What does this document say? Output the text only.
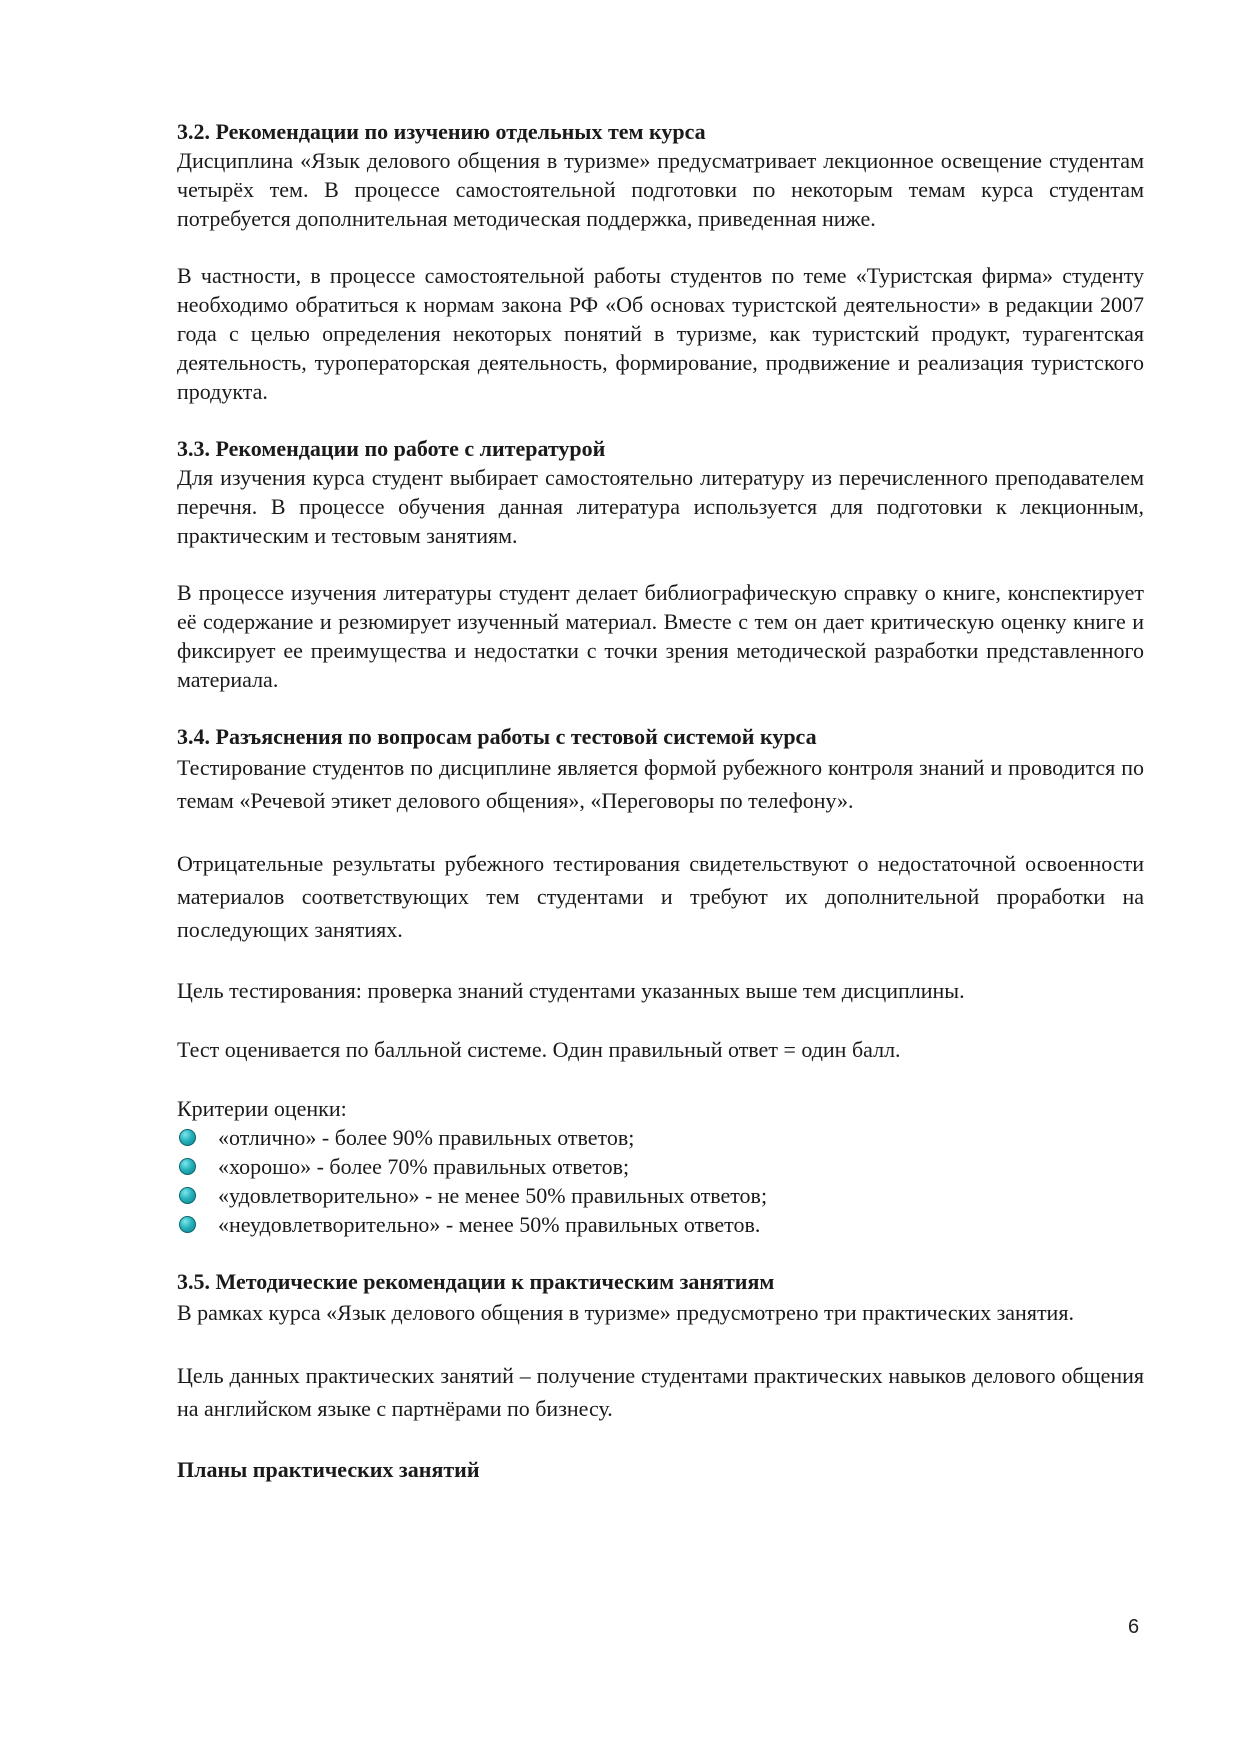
3.2. Рекомендации по изучению отдельных тем курса

Дисциплина «Язык делового общения в туризме» предусматривает лекционное освещение студентам четырёх тем. В процессе самостоятельной подготовки по некоторым темам курса студентам потребуется дополнительная методическая поддержка, приведенная ниже.

В частности, в процессе самостоятельной работы студентов по теме «Туристская фирма» студенту необходимо обратиться к нормам закона РФ «Об основах туристской деятельности» в редакции 2007 года с целью определения некоторых понятий в туризме, как туристский продукт, турагентская деятельность, туроператорская деятельность, формирование, продвижение и реализация туристского продукта.

3.3. Рекомендации по работе с литературой

Для изучения курса студент выбирает самостоятельно литературу из перечисленного преподавателем перечня. В процессе обучения данная литература используется для подготовки к лекционным, практическим и тестовым занятиям.

В процессе изучения литературы студент делает библиографическую справку о книге, конспектирует её содержание и резюмирует изученный материал. Вместе с тем он дает критическую оценку книге и фиксирует ее преимущества и недостатки с точки зрения методической разработки представленного материала.

3.4. Разъяснения по вопросам работы с тестовой системой курса

Тестирование студентов по дисциплине является формой рубежного контроля знаний и проводится по темам «Речевой этикет делового общения», «Переговоры по телефону».

Отрицательные результаты рубежного тестирования свидетельствуют о недостаточной освоенности материалов соответствующих тем студентами и требуют их дополнительной проработки на последующих занятиях.

Цель тестирования: проверка знаний студентами указанных выше тем дисциплины.

Тест оценивается по балльной системе. Один правильный ответ = один балл.

Критерии оценки:

«отлично» - более 90% правильных ответов;
«хорошо» - более 70% правильных ответов;
«удовлетворительно» - не менее 50% правильных ответов;
«неудовлетворительно» - менее 50% правильных ответов.
3.5. Методические рекомендации к практическим занятиям

В рамках курса «Язык делового общения в туризме» предусмотрено три практических занятия.

Цель данных практических занятий – получение студентами практических навыков делового общения на английском языке с партнёрами по бизнесу.

Планы практических занятий
6
